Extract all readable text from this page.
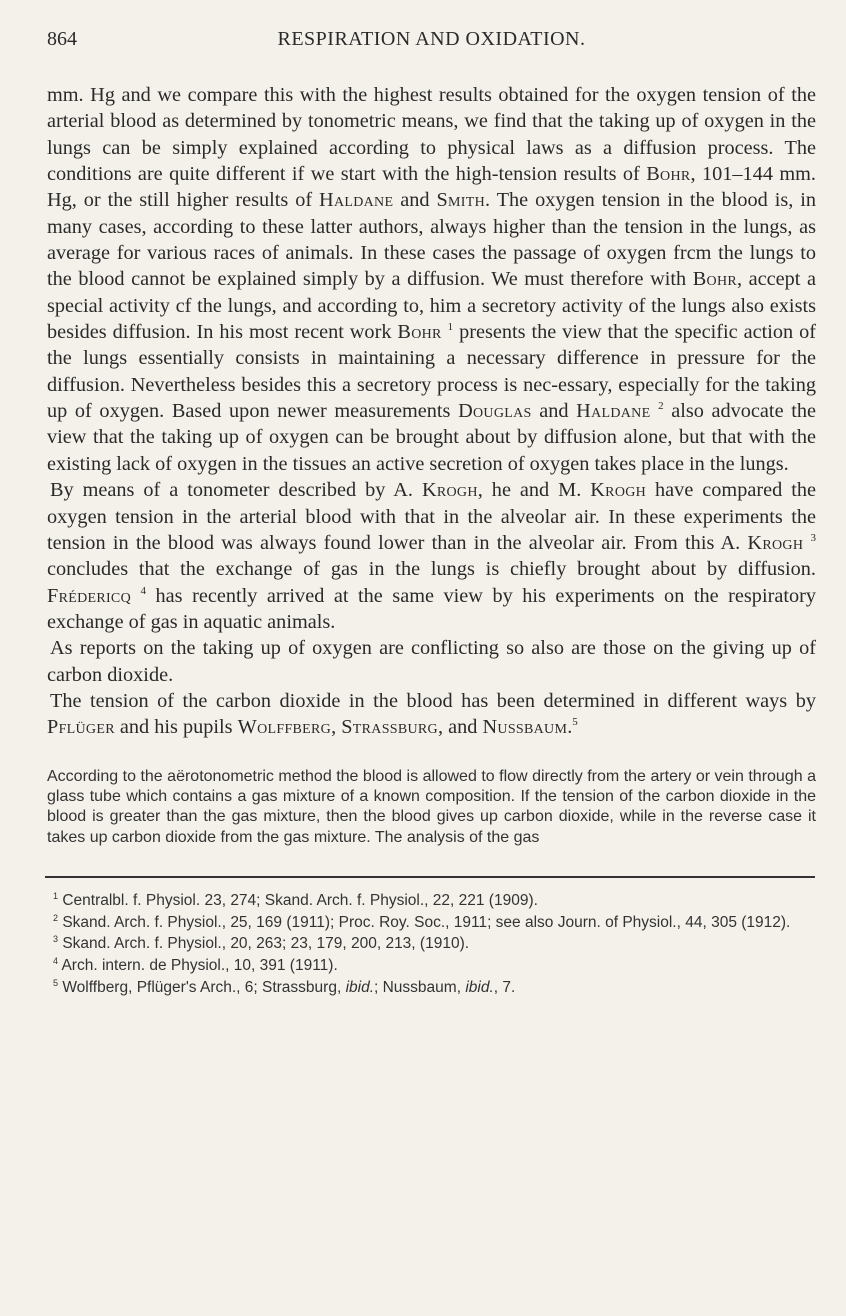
864	RESPIRATION AND OXIDATION.

mm. Hg and we compare this with the highest results obtained for the oxygen tension of the arterial blood as determined by tonometric means, we find that the taking up of oxygen in the lungs can be simply explained according to physical laws as a diffusion process. The conditions are quite different if we start with the high-tension results of Bohr, 101–144 mm. Hg, or the still higher results of Haldane and Smith. The oxygen tension in the blood is, in many cases, according to these latter authors, always higher than the tension in the lungs, as average for various races of animals. In these cases the passage of oxygen frcm the lungs to the blood cannot be explained simply by a diffusion. We must therefore with Bohr, accept a special activity cf the lungs, and according to, him a secretory activity of the lungs also exists besides diffusion. In his most recent work Bohr $^1$ presents the view that the specific action of the lungs essentially consists in maintaining a necessary difference in pressure for the diffusion. Nevertheless besides this a secretory process is nec-essary, especially for the taking up of oxygen. Based upon newer measurements Douglas and Haldane $^2$ also advocate the view that the taking up of oxygen can be brought about by diffusion alone, but that with the existing lack of oxygen in the tissues an active secretion of oxygen takes place in the lungs.

By means of a tonometer described by A. Krogh, he and M. Krogh have compared the oxygen tension in the arterial blood with that in the alveolar air. In these experiments the tension in the blood was always found lower than in the alveolar air. From this A. Krogh $^3$ concludes that the exchange of gas in the lungs is chiefly brought about by diffusion. Frédericq $^4$ has recently arrived at the same view by his experiments on the respiratory exchange of gas in aquatic animals.

As reports on the taking up of oxygen are conflicting so also are those on the giving up of carbon dioxide.

The tension of the carbon dioxide in the blood has been determined in different ways by Pflüger and his pupils Wolffberg, Strassburg, and Nussbaum.$^5$

According to the aërotonometric method the blood is allowed to flow directly from the artery or vein through a glass tube which contains a gas mixture of a known composition. If the tension of the carbon dioxide in the blood is greater than the gas mixture, then the blood gives up carbon dioxide, while in the reverse case it takes up carbon dioxide from the gas mixture. The analysis of the gas

$^1$ Centralbl. f. Physiol. 23, 274; Skand. Arch. f. Physiol., 22, 221 (1909).

$^2$ Skand. Arch. f. Physiol., 25, 169 (1911); Proc. Roy. Soc., 1911; see also Journ. of Physiol., 44, 305 (1912).

$^3$ Skand. Arch. f. Physiol., 20, 263; 23, 179, 200, 213, (1910).

$^4$ Arch. intern. de Physiol., 10, 391 (1911).

$^5$ Wolffberg, Pflüger's Arch., 6; Strassburg, ibid.; Nussbaum, ibid., 7.
